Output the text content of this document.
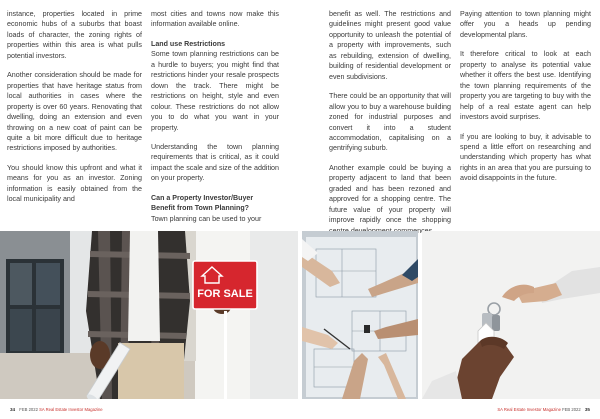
instance, properties located in prime economic hubs of a suburbs that boast loads of character, the zoning rights of properties within this area is what pulls potential investors.

Another consideration should be made for properties that have heritage status from local authorities in cases where the property is over 60 years. Renovating that dwelling, doing an extension and even throwing on a new coat of paint can be quite a bit more difficult due to heritage restrictions imposed by authorities.

You should know this upfront and what it means for you as an investor. Zoning information is easily obtained from the local municipality and

most cities and towns now make this information available online.

Land use Restrictions

Some town planning restrictions can be a hurdle to buyers; you might find that restrictions hinder your resale prospects down the track. There might be restrictions on height, style and even colour. These restrictions do not allow you to do what you want in your property.

Understanding the town planning requirements that is critical, as it could impact the scale and size of the addition on your property.

Can a Property Investor/Buyer
Benefit from Town Planning?

Town planning can be used to your

benefit as well. The restrictions and guidelines might present good value opportunity to unleash the potential of a property with improvements, such as rebuilding, extension of dwelling, building of residential development or even subdivisions.

There could be an opportunity that will allow you to buy a warehouse building zoned for industrial purposes and convert it into a student accommodation, capitalising on a gentrifying suburb.

Another example could be buying a property adjacent to land that been graded and has been rezoned and approved for a shopping centre. The future value of your property will improve rapidly once the shopping

Paying attention to town planning might offer you a heads up pending developmental plans.

It therefore critical to look at each property to analyse its potential value whether it offers the best use. Identifying the town planning requirements of the property you are targeting to buy with the help of a real estate agent can help investors avoid surprises.

If you are looking to buy, it advisable to spend a little effort on researching and understanding which property has what rights in an area that you are pursuing to avoid disappoints in the future.

FOR SALE
34 FEB 2022 SA Real Estate Investor Magazine	SA Real Estate Investor Magazine FEB 2022 35
